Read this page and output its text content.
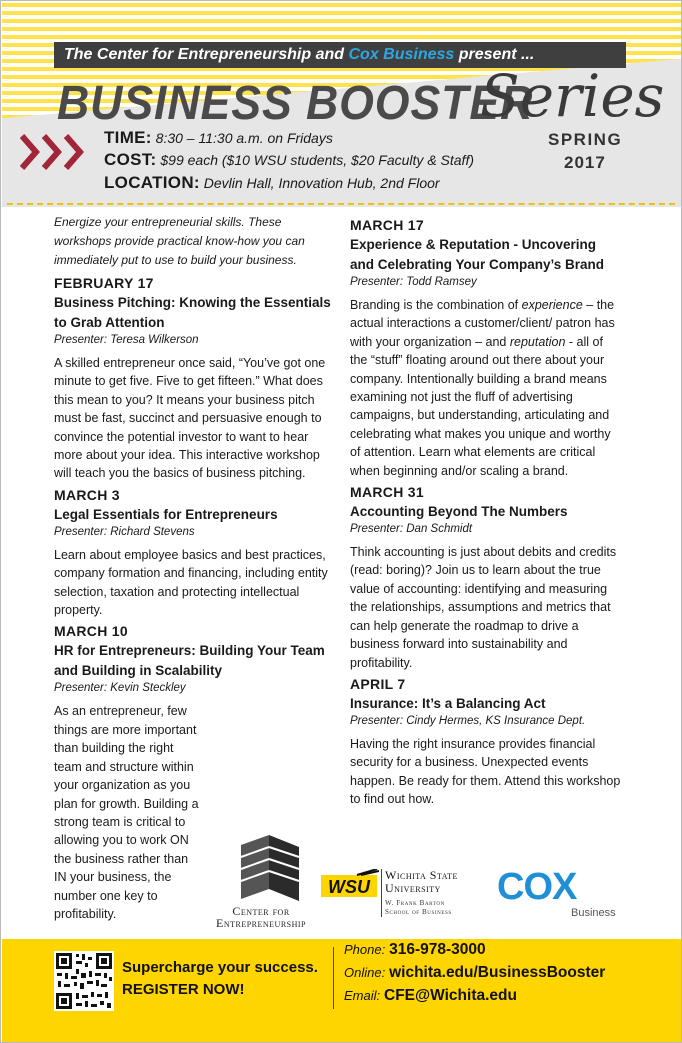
The Center for Entrepreneurship and Cox Business present ...
BUSINESS BOOSTER
Series
SPRING
2017
TIME: 8:30 – 11:30 a.m. on Fridays
COST: $99 each ($10 WSU students, $20 Faculty & Staff)
LOCATION: Devlin Hall, Innovation Hub, 2nd Floor
Energize your entrepreneurial skills. These workshops provide practical know-how you can immediately put to use to build your business.
FEBRUARY 17
Business Pitching: Knowing the Essentials to Grab Attention
Presenter: Teresa Wilkerson
A skilled entrepreneur once said, “You’ve got one minute to get five. Five to get fifteen.” What does this mean to you? It means your business pitch must be fast, succinct and persuasive enough to convince the potential investor to want to hear more about your idea. This interactive workshop will teach you the basics of business pitching.
MARCH 3
Legal Essentials for Entrepreneurs
Presenter: Richard Stevens
Learn about employee basics and best practices, company formation and financing, including entity selection, taxation and protecting intellectual property.
MARCH 10
HR for Entrepreneurs: Building Your Team and Building in Scalability
Presenter: Kevin Steckley
As an entrepreneur, few things are more important than building the right team and structure within your organization as you plan for growth. Building a strong team is critical to allowing you to work ON the business rather than IN your business, the number one key to profitability.
MARCH 17
Experience & Reputation - Uncovering and Celebrating Your Company’s Brand
Presenter: Todd Ramsey
Branding is the combination of experience – the actual interactions a customer/client/ patron has with your organization – and reputation - all of the “stuff” floating around out there about your company. Intentionally building a brand means examining not just the fluff of advertising campaigns, but understanding, articulating and celebrating what makes you unique and worthy of attention. Learn what elements are critical when beginning and/or scaling a brand.
MARCH 31
Accounting Beyond The Numbers
Presenter: Dan Schmidt
Think accounting is just about debits and credits (read: boring)? Join us to learn about the true value of accounting: identifying and measuring the relationships, assumptions and metrics that can help generate the roadmap to drive a business forward into sustainability and profitability.
APRIL 7
Insurance: It’s a Balancing Act
Presenter: Cindy Hermes, KS Insurance Dept.
Having the right insurance provides financial security for a business. Unexpected events happen. Be ready for them. Attend this workshop to find out how.
Center for
Entrepreneurship
WSU
Wichita State
University
W. Frank Barton
School of Business
COX
Business
Supercharge your success.
REGISTER NOW!
Phone: 316-978-3000
Online: wichita.edu/BusinessBooster
Email: CFE@Wichita.edu
